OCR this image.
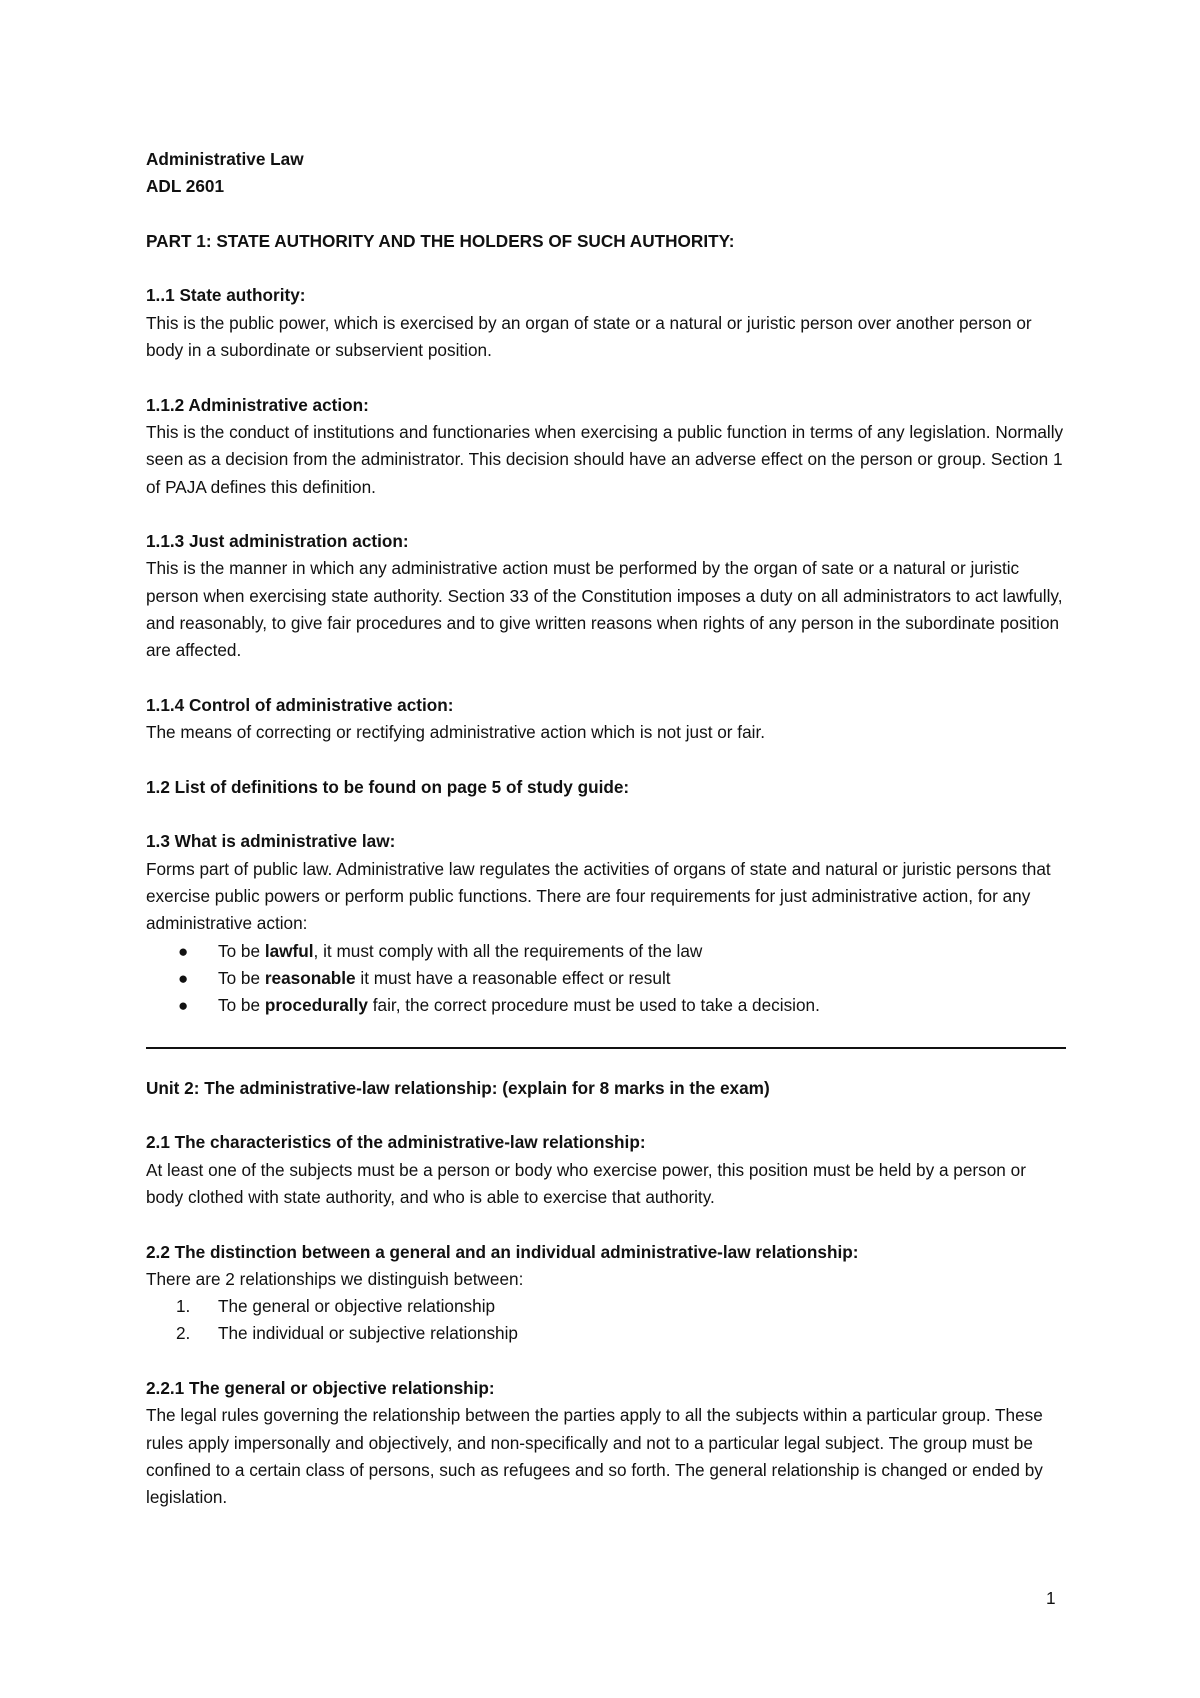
Administrative Law

ADL 2601

PART 1: STATE AUTHORITY AND THE HOLDERS OF SUCH AUTHORITY:

1..1 State authority:
This is the public power, which is exercised by an organ of state or a natural or juristic person over another person or body in a subordinate or subservient position.

1.1.2 Administrative action:
This is the conduct of institutions and functionaries when exercising a public function in terms of any legislation. Normally seen as a decision from the administrator. This decision should have an adverse effect on the person or group. Section 1 of PAJA defines this definition.

1.1.3 Just administration action:
This is the manner in which any administrative action must be performed by the organ of sate or a natural or juristic person when exercising state authority. Section 33 of the Constitution imposes a duty on all administrators to act lawfully, and reasonably, to give fair procedures and to give written reasons when rights of any person in the subordinate position are affected.

1.1.4 Control of administrative action:
The means of correcting or rectifying administrative action which is not just or fair.

1.2 List of definitions to be found on page 5 of study guide:

1.3 What is administrative law:
Forms part of public law. Administrative law regulates the activities of organs of state and natural or juristic persons that exercise public powers or perform public functions. There are four requirements for just administrative action, for any administrative action:

● To be lawful, it must comply with all the requirements of the law
● To be reasonable it must have a reasonable effect or result
● To be procedurally fair, the correct procedure must be used to take a decision.

Unit 2: The administrative-law relationship: (explain for 8 marks in the exam)

2.1 The characteristics of the administrative-law relationship:
At least one of the subjects must be a person or body who exercise power, this position must be held by a person or body clothed with state authority, and who is able to exercise that authority.

2.2 The distinction between a general and an individual administrative-law relationship:
There are 2 relationships we distinguish between:

1. The general or objective relationship
2. The individual or subjective relationship

2.2.1 The general or objective relationship:
The legal rules governing the relationship between the parties apply to all the subjects within a particular group. These rules apply impersonally and objectively, and non-specifically and not to a particular legal subject. The group must be confined to a certain class of persons, such as refugees and so forth. The general relationship is changed or ended by legislation.

1
